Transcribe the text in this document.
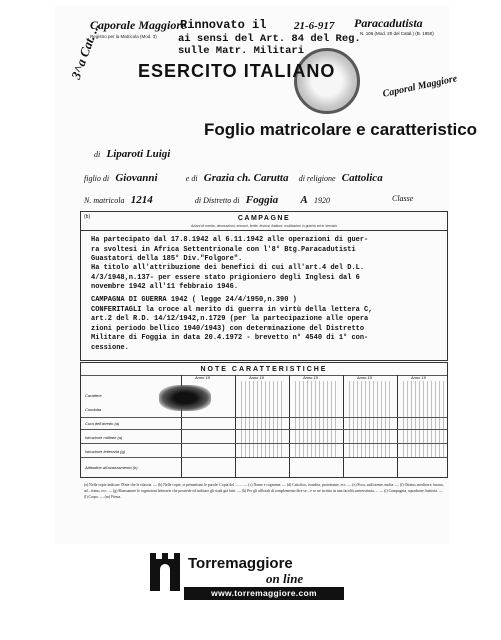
Caporale Maggiore
Registro per la Matricola (Mod. 3)
Rinnovato il	21-6-917
ai sensi del Art. 84 del Reg.
sulle Matr. Militari
Paracadutista
N. 106 (Mod. 20 del Catal.) (B. 1950)
Caporal Maggiore
ESERCITO ITALIANO
Foglio matricolare e caratteristico
3^a Cat. ...
di Liparoti Luigi
figlio di Giovanni	e di Grazia ch. Carutta di religione Cattolica
N. matricola 1214	di Distretto di Foggia A 1920	Classe
(b)	CAMPAGNE
Azioni di merito, decorazioni, encomi, ferite, lesioni, fratture, mutilazioni in guerra ed in servizio
Ha partecipato dal 17.8.1942 al 6.11.1942 alle operazioni di guer-
ra svoltesi in Africa Settentrionale con l'8° Btg.Paracadutisti
Guastatori della 185° Div."Folgore".
Ha titolo all'attribuzione dei benefici di cui all'art.4 del D.L.
4/3/1948,n.137- per essere stato prigioniero degli Inglesi dal 6
novembre 1942 all'11 febbraio 1946.
CAMPAGNA DI GUERRA 1942 ( legge 24/4/1950,n.390 )
CONFERITAGLI la croce al merito di guerra in virtù della lettera C,
art.2 del R.D. 14/12/1942,n.1729 (per la partecipazione alle opera
zioni periodo bellico 1940/1943) con determinazione del Distretto
Militare di Foggia in data 20.4.1972 - brevetto n° 4540 di 1° con-
cessione.
NOTE CARATTERISTICHE
Anno 19	Anno 19	Anno 19	Anno 19	Anno 19
Carattere
Condotta
Cura dell'arredo (a)
Istruzione militare (a)
Istruzione letteraria (g)
Attitudine all'avanzamento (h)
(a) Nelle copie indicare l'Ente che le rilascia. — (b) Nelle copie, si premettono le parole: Copia del ........ — (c) Nome e cognome. — (d) Cattolico, israelita, protestante, ecc. — (e) Poca, sufficiente, molta. — (f) Ottimo, mediocre, buono, ad ...ttimo, ecc. — (g) Riassumere le cognizioni letterarie che possiede ed indicare gli studi già fatti. — (h) Per gli ufficiali di complemento dire se ...e se ne iscritto in una facoltà universitaria, ... — (i) Compagnia, squadrone, batteria. — (l) Corpo. — (m) Firma.
Torremaggiore
on line
www.torremaggiore.com
